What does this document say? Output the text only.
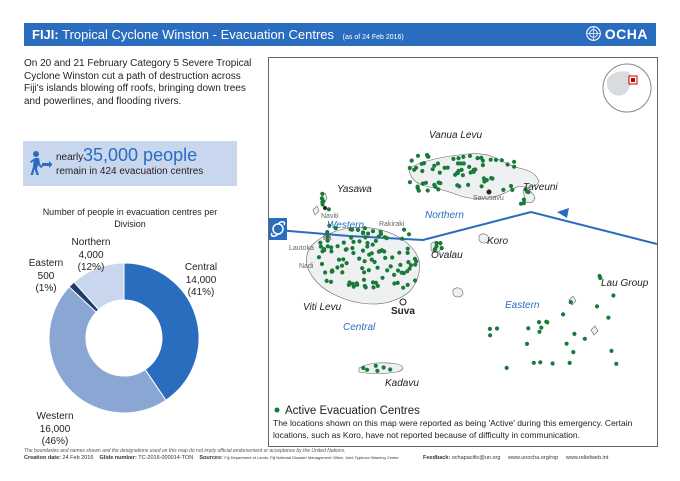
FIJI: Tropical Cyclone Winston - Evacuation Centres (as of 24 Feb 2016)	OCHA
On 20 and 21 February Category 5 Severe Tropical Cyclone Winston cut a path of destruction across Fiji's islands blowing off roofs, bringing down trees and powerlines, and flooding rivers.
nearly 35,000 people
remain in 424 evacuation centres
Number of people in evacuation centres per Division
Central
14,000
(41%)
Western
16,000
(46%)
Eastern
500
(1%)
Northern
4,000
(12%)
Vanua Levu
Yasawa
Viti Levu
Ovalau
Koro
Kadavu
Taveuni
Lau Group
Northern
Western
Central
Eastern
Savusavu
Naviti
Rakiraki
Ba
Lautoka
Nadi
Suva
Active Evacuation Centres
The locations shown on this map were reported as being 'Active' during this emergency. Certain locations, such as Koro, have not reported because of difficulty in communication.
The boundaries and names shown and the designations used on this map do not imply official endorsement or acceptance by the United Nations.
Creation date: 24 Feb 2016 Glide number: TC-2016-000014-TON Sources: Fiji Department of Lands, Fiji National Disaster Management Office, Joint Typhoon Warning Center	Feedback: ochapacific@un.org www.unocha.org/rop www.reliefweb.int
